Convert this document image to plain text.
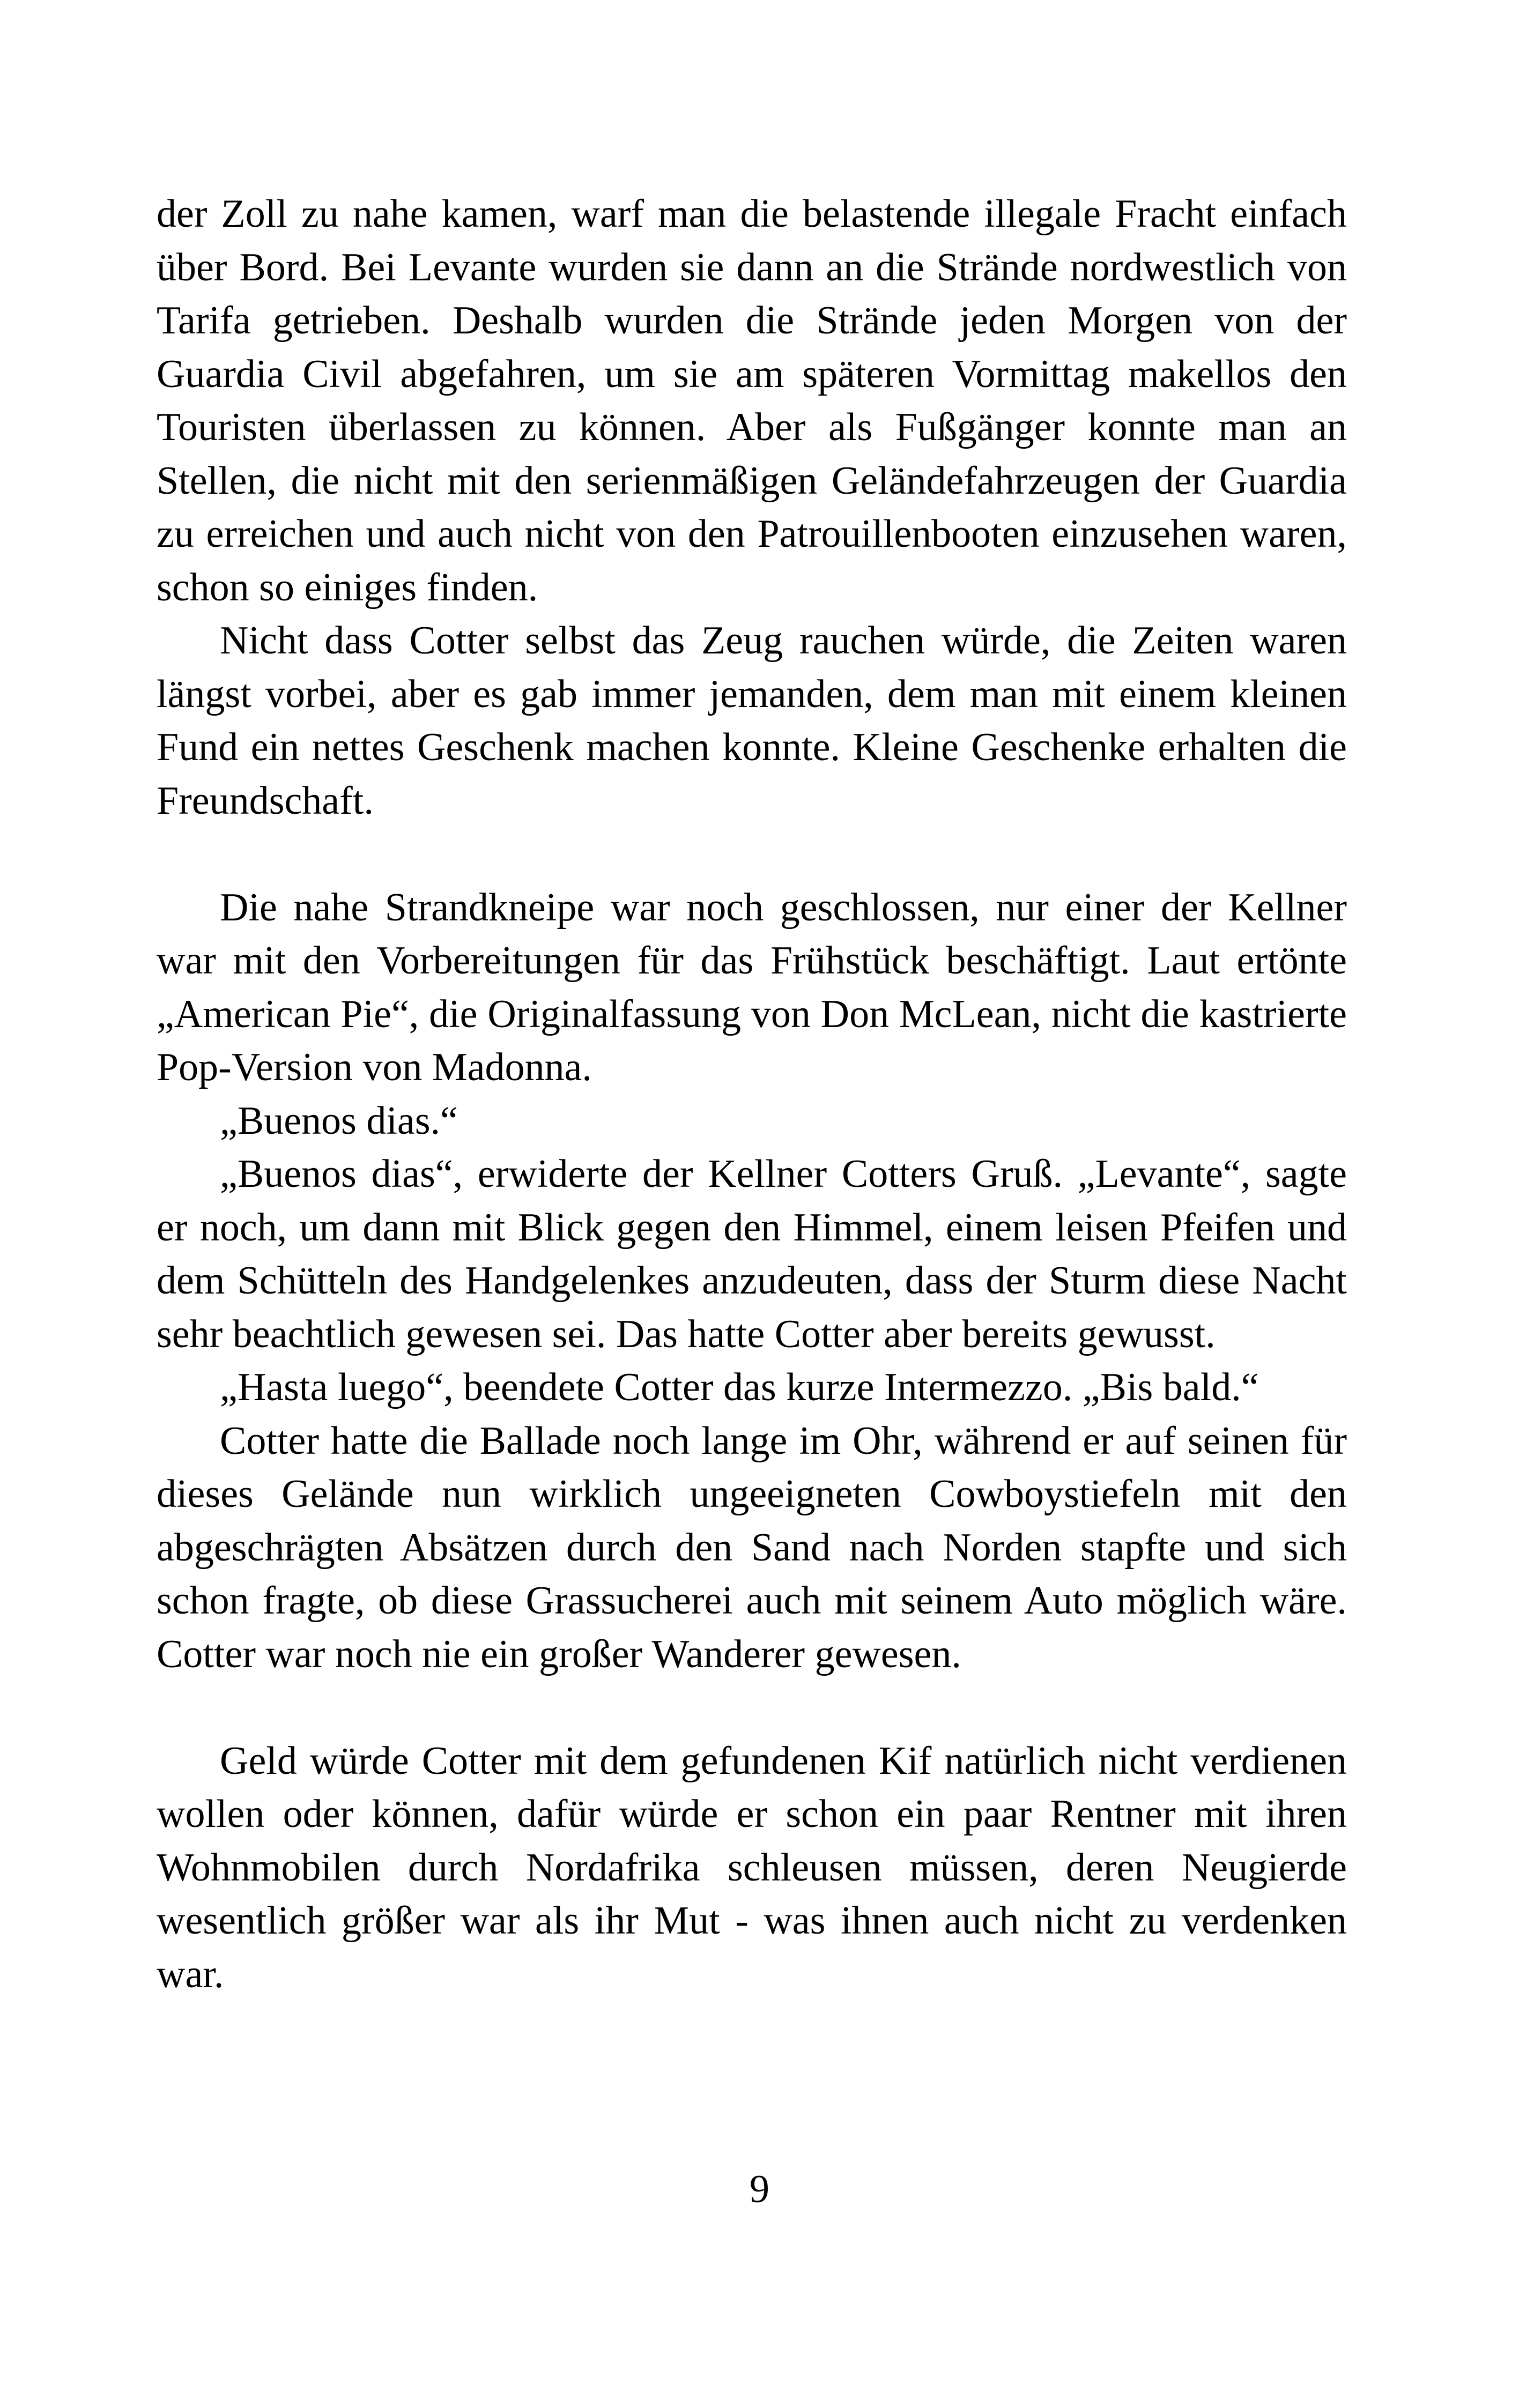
der Zoll zu nahe kamen, warf man die belastende illegale Fracht einfach über Bord. Bei Levante wurden sie dann an die Strände nordwestlich von Tarifa getrieben. Deshalb wurden die Strände jeden Morgen von der Guardia Civil abgefahren, um sie am späteren Vormittag makellos den Touristen überlassen zu können. Aber als Fußgänger konnte man an Stellen, die nicht mit den serienmäßigen Geländefahrzeugen der Guardia zu erreichen und auch nicht von den Patrouillenbooten einzusehen waren, schon so einiges finden.

Nicht dass Cotter selbst das Zeug rauchen würde, die Zeiten waren längst vorbei, aber es gab immer jemanden, dem man mit einem kleinen Fund ein nettes Geschenk machen konnte. Kleine Geschenke erhalten die Freundschaft.

Die nahe Strandkneipe war noch geschlossen, nur einer der Kellner war mit den Vorbereitungen für das Frühstück beschäftigt. Laut ertönte „American Pie“, die Originalfassung von Don McLean, nicht die kastrierte Pop-Version von Madonna.

„Buenos dias.“

„Buenos dias“, erwiderte der Kellner Cotters Gruß. „Levante“, sagte er noch, um dann mit Blick gegen den Himmel, einem leisen Pfeifen und dem Schütteln des Handgelenkes anzudeuten, dass der Sturm diese Nacht sehr beachtlich gewesen sei. Das hatte Cotter aber bereits gewusst.

„Hasta luego“, beendete Cotter das kurze Intermezzo. „Bis bald.“

Cotter hatte die Ballade noch lange im Ohr, während er auf seinen für dieses Gelände nun wirklich ungeeigneten Cowboystiefeln mit den abgeschrägten Absätzen durch den Sand nach Norden stapfte und sich schon fragte, ob diese Grassucherei auch mit seinem Auto möglich wäre. Cotter war noch nie ein großer Wanderer gewesen.

Geld würde Cotter mit dem gefundenen Kif natürlich nicht verdienen wollen oder können, dafür würde er schon ein paar Rentner mit ihren Wohnmobilen durch Nordafrika schleusen müssen, deren Neugierde wesentlich größer war als ihr Mut - was ihnen auch nicht zu verdenken war.

9
